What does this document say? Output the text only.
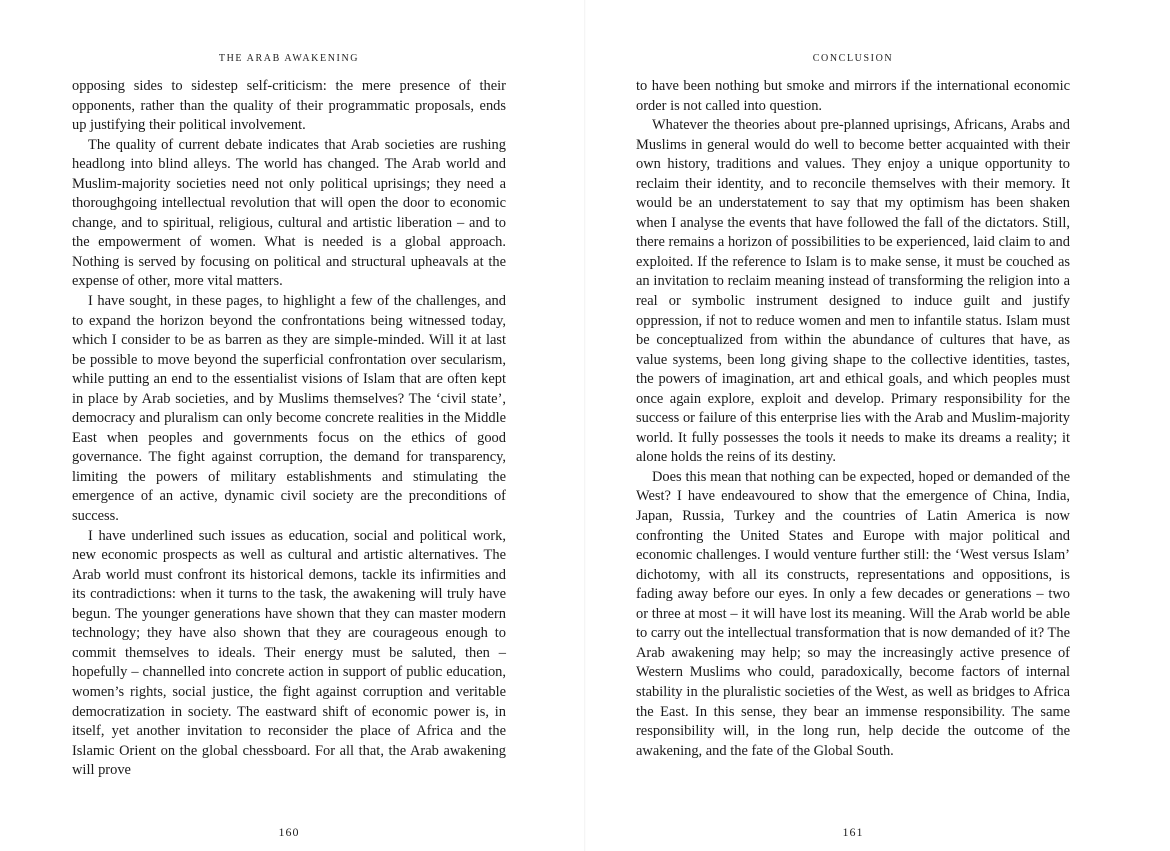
THE ARAB AWAKENING

opposing sides to sidestep self-criticism: the mere presence of their opponents, rather than the quality of their programmatic proposals, ends up justifying their political involvement.

The quality of current debate indicates that Arab societies are rushing headlong into blind alleys. The world has changed. The Arab world and Muslim-majority societies need not only political uprisings; they need a thoroughgoing intellectual revolution that will open the door to economic change, and to spiritual, religious, cultural and artistic liberation – and to the empowerment of women. What is needed is a global approach. Nothing is served by focusing on political and structural upheavals at the expense of other, more vital matters.

I have sought, in these pages, to highlight a few of the challenges, and to expand the horizon beyond the confrontations being witnessed today, which I consider to be as barren as they are simple-minded. Will it at last be possible to move beyond the superficial confrontation over secularism, while putting an end to the essentialist visions of Islam that are often kept in place by Arab societies, and by Muslims themselves? The ‘civil state’, democracy and pluralism can only become concrete realities in the Middle East when peoples and governments focus on the ethics of good governance. The fight against corruption, the demand for transparency, limiting the powers of military establishments and stimulating the emergence of an active, dynamic civil society are the preconditions of success.

I have underlined such issues as education, social and political work, new economic prospects as well as cultural and artistic alternatives. The Arab world must confront its historical demons, tackle its infirmities and its contradictions: when it turns to the task, the awakening will truly have begun. The younger generations have shown that they can master modern technology; they have also shown that they are courageous enough to commit themselves to ideals. Their energy must be saluted, then – hopefully – channelled into concrete action in support of public education, women’s rights, social justice, the fight against corruption and veritable democratization in society. The eastward shift of economic power is, in itself, yet another invitation to reconsider the place of Africa and the Islamic Orient on the global chessboard. For all that, the Arab awakening will prove

160
CONCLUSION

to have been nothing but smoke and mirrors if the international economic order is not called into question.

Whatever the theories about pre-planned uprisings, Africans, Arabs and Muslims in general would do well to become better acquainted with their own history, traditions and values. They enjoy a unique opportunity to reclaim their identity, and to reconcile themselves with their memory. It would be an understatement to say that my optimism has been shaken when I analyse the events that have followed the fall of the dictators. Still, there remains a horizon of possibilities to be experienced, laid claim to and exploited. If the reference to Islam is to make sense, it must be couched as an invitation to reclaim meaning instead of transforming the religion into a real or symbolic instrument designed to induce guilt and justify oppression, if not to reduce women and men to infantile status. Islam must be conceptualized from within the abundance of cultures that have, as value systems, been long giving shape to the collective identities, tastes, the powers of imagination, art and ethical goals, and which peoples must once again explore, exploit and develop. Primary responsibility for the success or failure of this enterprise lies with the Arab and Muslim-majority world. It fully possesses the tools it needs to make its dreams a reality; it alone holds the reins of its destiny.

Does this mean that nothing can be expected, hoped or demanded of the West? I have endeavoured to show that the emergence of China, India, Japan, Russia, Turkey and the countries of Latin America is now confronting the United States and Europe with major political and economic challenges. I would venture further still: the ‘West versus Islam’ dichotomy, with all its constructs, representations and oppositions, is fading away before our eyes. In only a few decades or generations – two or three at most – it will have lost its meaning. Will the Arab world be able to carry out the intellectual transformation that is now demanded of it? The Arab awakening may help; so may the increasingly active presence of Western Muslims who could, paradoxically, become factors of internal stability in the pluralistic societies of the West, as well as bridges to Africa the East. In this sense, they bear an immense responsibility. The same responsibility will, in the long run, help decide the outcome of the awakening, and the fate of the Global South.

161
